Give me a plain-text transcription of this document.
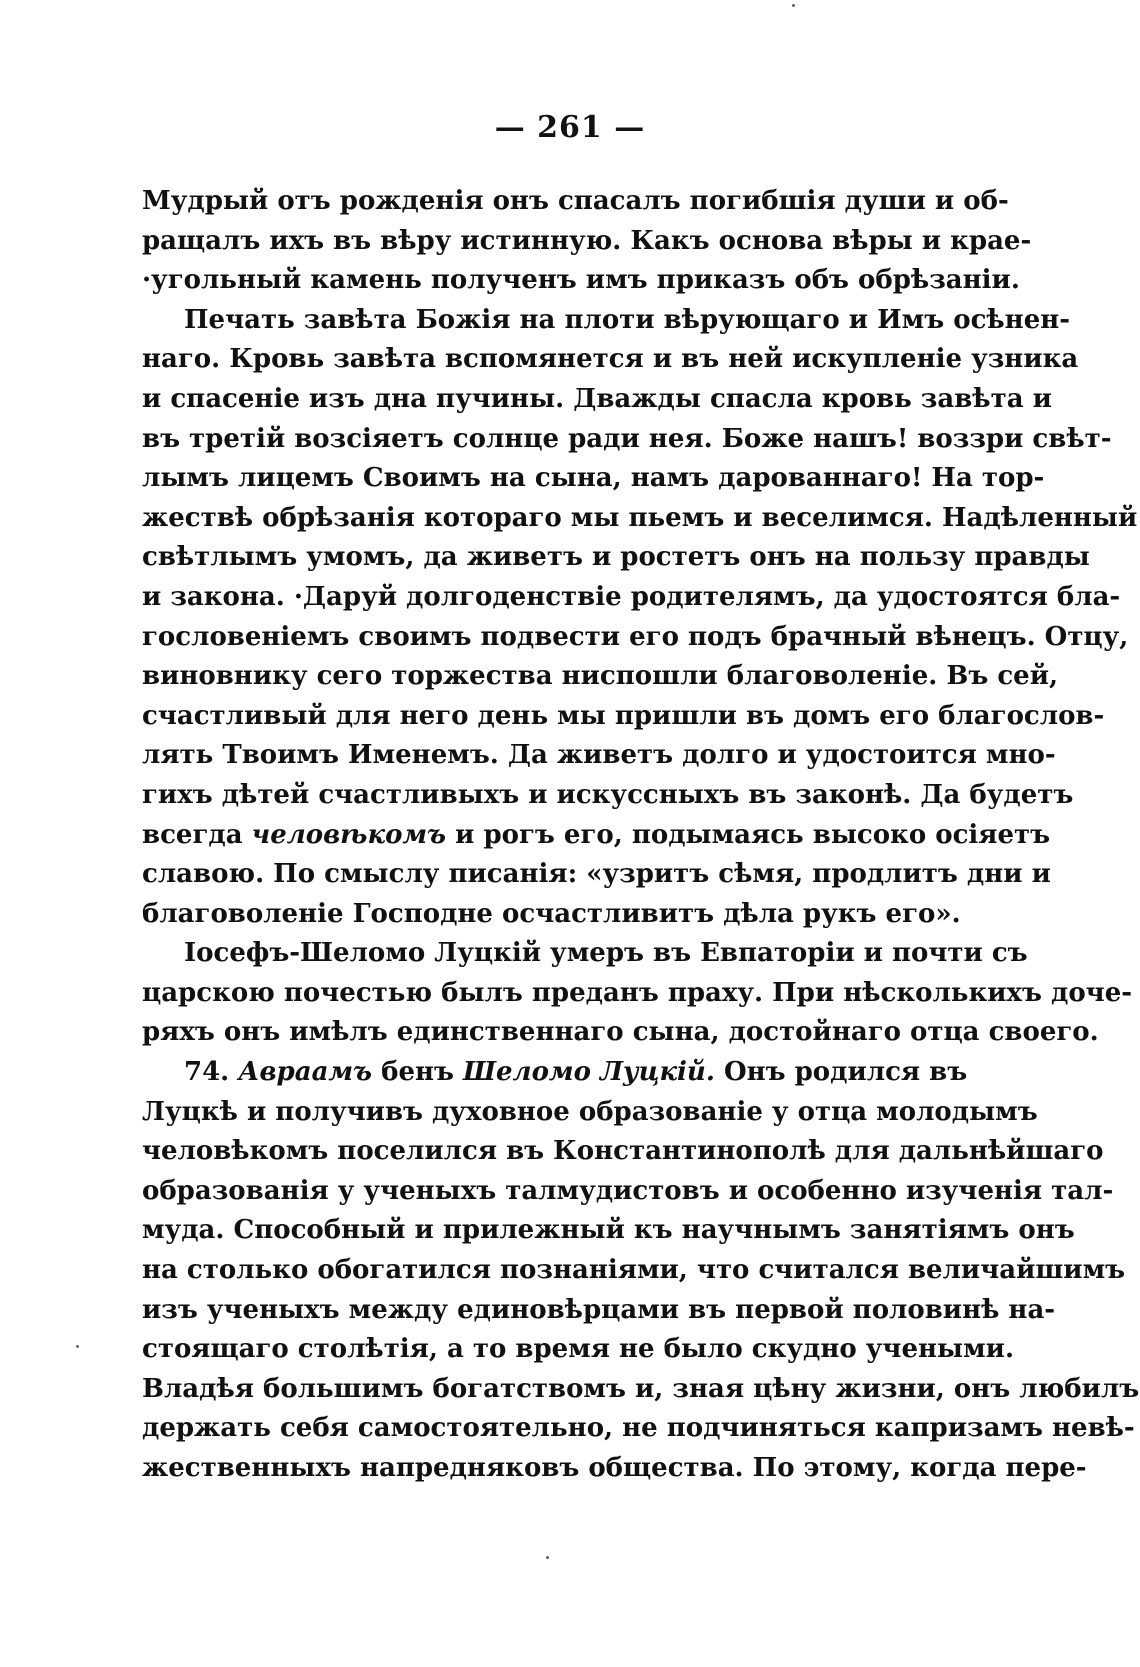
— 261 —
Мудрый отъ рожденія онъ спасалъ погибшія души и об-
ращалъ ихъ въ вѣру истинную. Какъ основа вѣры и крае-
·угольный камень полученъ имъ приказъ объ обрѣзаніи.
Печать завѣта Божія на плоти вѣрующаго и Имъ осѣнен-
наго. Кровь завѣта вспомянется и въ ней искупленіе узника
и спасеніе изъ дна пучины. Дважды спасла кровь завѣта и
въ третій возсіяетъ солнце ради нея. Боже нашъ! воззри свѣт-
лымъ лицемъ Своимъ на сына, намъ дарованнаго! На тор-
жествѣ обрѣзанія котораго мы пьемъ и веселимся. Надѣленный
свѣтлымъ умомъ, да живетъ и ростетъ онъ на пользу правды
и закона. ·Даруй долгоденствіе родителямъ, да удостоятся бла-
гословеніемъ своимъ подвести его подъ брачный вѣнецъ. Отцу,
виновнику сего торжества ниспошли благоволеніе. Въ сей,
счастливый для него день мы пришли въ домъ его благослов-
лять Твоимъ Именемъ. Да живетъ долго и удостоится мно-
гихъ дѣтей счастливыхъ и искуссныхъ въ законѣ. Да будетъ
всегда человѣкомъ и рогъ его, подымаясь высоко осіяетъ
славою. По смыслу писанія: «узритъ сѣмя, продлитъ дни и
благоволеніе Господне осчастливитъ дѣла рукъ его».
Іосефъ-Шеломо Луцкій умеръ въ Евпаторіи и почти съ
царскою почестью былъ преданъ праху. При нѣсколькихъ доче-
ряхъ онъ имѣлъ единственнаго сына, достойнаго отца своего.
74. Авраамъ бенъ Шеломо Луцкій. Онъ родился въ
Луцкѣ и получивъ духовное образованіе у отца молодымъ
человѣкомъ поселился въ Константинополѣ для дальнѣйшаго
образованія у ученыхъ талмудистовъ и особенно изученія тал-
муда. Способный и прилежный къ научнымъ занятіямъ онъ
на столько обогатился познаніями, что считался величайшимъ
изъ ученыхъ между единовѣрцами въ первой половинѣ на-
стоящаго столѣтія, а то время не было скудно учеными.
Владѣя большимъ богатствомъ и, зная цѣну жизни, онъ любилъ
держать себя самостоятельно, не подчиняться капризамъ невѣ-
жественныхъ напредняковъ общества. По этому, когда пере-
